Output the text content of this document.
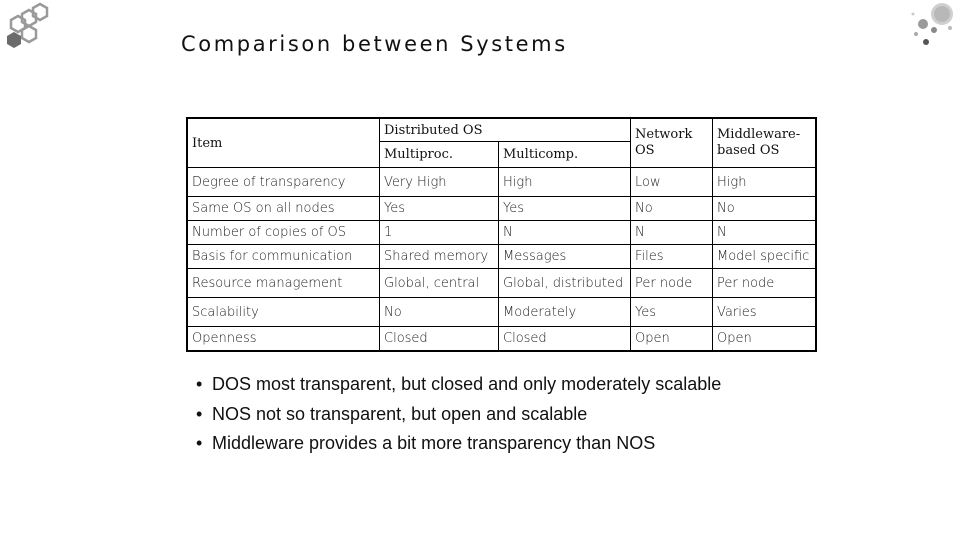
Comparison between Systems
Item	Distributed OS		Network OS	Middleware-based OS
	Multiproc.	Multicomp.		
Degree of transparency	Very High	High	Low	High
Same OS on all nodes	Yes	Yes	No	No
Number of copies of OS	1	N	N	N
Basis for communication	Shared memory	Messages	Files	Model specific
Resource management	Global, central	Global, distributed	Per node	Per node
Scalability	No	Moderately	Yes	Varies
Openness	Closed	Closed	Open	Open
• DOS most transparent, but closed and only moderately scalable
• NOS not so transparent, but open and scalable
• Middleware provides a bit more transparency than NOS
